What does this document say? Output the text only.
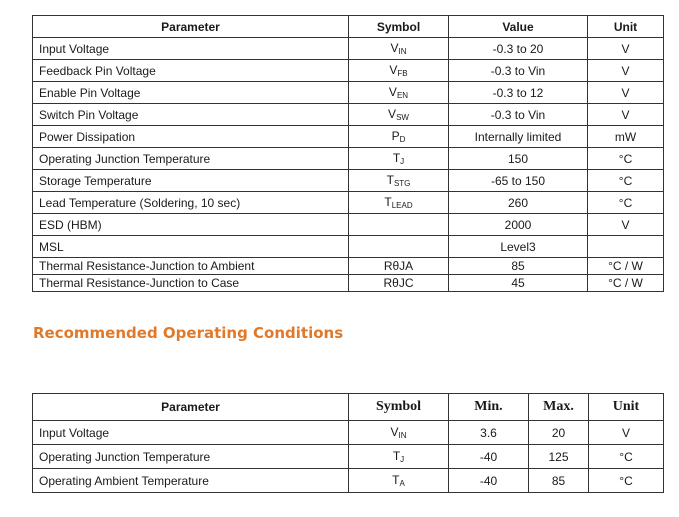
Parameter	Symbol	Value	Unit
Input Voltage	$V_{IN}$	-0.3 to 20	V
Feedback Pin Voltage	$V_{FB}$	-0.3 to Vin	V
Enable Pin Voltage	$V_{EN}$	-0.3 to 12	V
Switch Pin Voltage	$V_{SW}$	-0.3 to Vin	V
Power Dissipation	$P_D$	Internally limited	mW
Operating Junction Temperature	$T_J$	150	°C
Storage Temperature	$T_{STG}$	-65 to 150	°C
Lead Temperature (Soldering, 10 sec)	$T_{LEAD}$	260	°C
ESD (HBM)		2000	V
MSL		Level3	
Thermal Resistance-Junction to Ambient	RθJA	85	°C / W
Thermal Resistance-Junction to Case	RθJC	45	°C / W
Recommended Operating Conditions
Parameter	Symbol	Min.	Max.	Unit
Input Voltage	$V_{IN}$	3.6	20	V
Operating Junction Temperature	$T_J$	-40	125	°C
Operating Ambient Temperature	$T_A$	-40	85	°C
